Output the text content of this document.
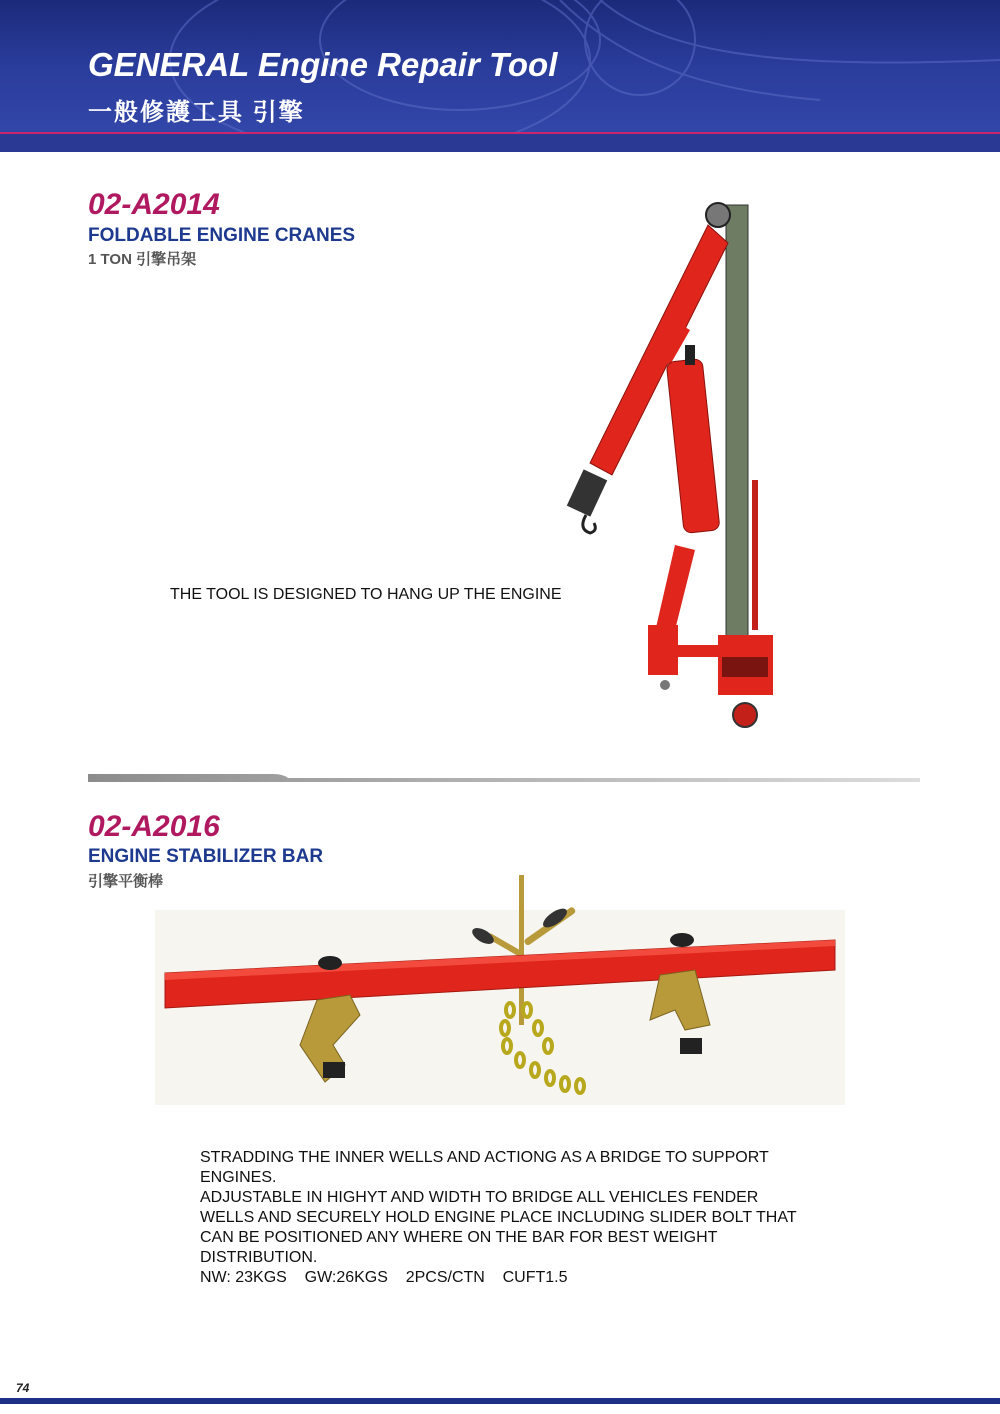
GENERAL Engine Repair Tool
一般修護工具 引擎
02-A2014
FOLDABLE ENGINE CRANES
1 TON 引擎吊架
THE TOOL IS DESIGNED TO HANG UP THE ENGINE
02-A2016
ENGINE STABILIZER BAR
引擎平衡棒

STRADDING THE INNER WELLS AND ACTIONG AS A BRIDGE TO SUPPORT ENGINES.

ADJUSTABLE IN HIGHYT AND WIDTH TO BRIDGE ALL VEHICLES FENDER WELLS AND SECURELY HOLD ENGINE PLACE INCLUDING SLIDER BOLT THAT CAN BE POSITIONED ANY WHERE ON THE BAR FOR BEST WEIGHT DISTRIBUTION.

NW: 23KGS    GW:26KGS    2PCS/CTN    CUFT1.5

74
